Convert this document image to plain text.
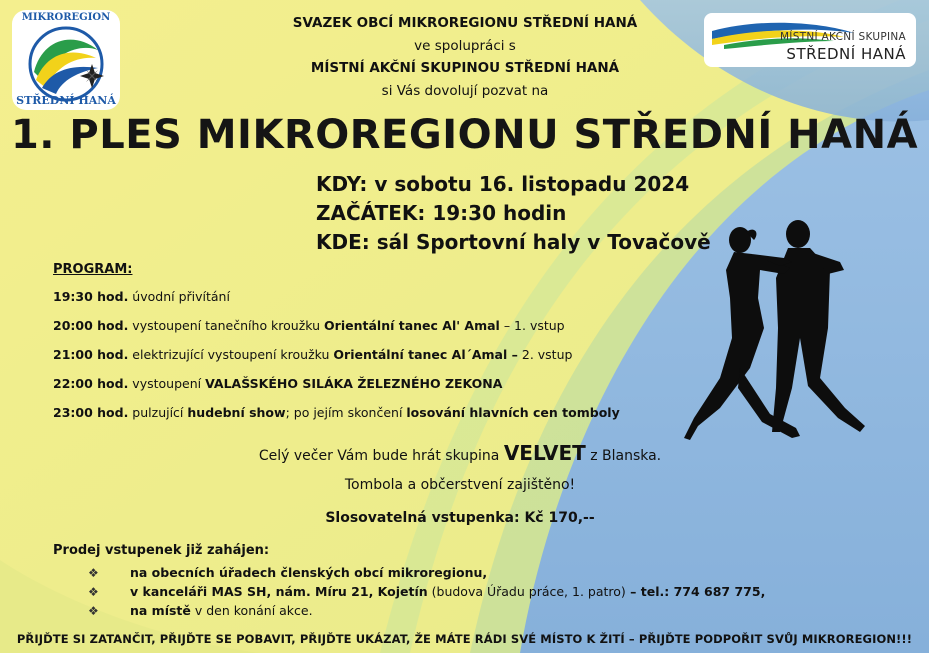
MIKROREGION
STŘEDNÍ HANÁ
MÍSTNÍ AKČNÍ SKUPINA
STŘEDNÍ HANÁ
SVAZEK OBCÍ MIKROREGIONU STŘEDNÍ HANÁ
ve spolupráci s
MÍSTNÍ AKČNÍ SKUPINOU STŘEDNÍ HANÁ
si Vás dovolují pozvat na
1. PLES MIKROREGIONU STŘEDNÍ HANÁ
KDY: v sobotu 16. listopadu 2024
ZAČÁTEK: 19:30 hodin
KDE: sál Sportovní haly v Tovačově
PROGRAM:
19:30 hod. úvodní přivítání
20:00 hod. vystoupení tanečního kroužku Orientální tanec Al' Amal – 1. vstup
21:00 hod. elektrizující vystoupení kroužku Orientální tanec Al´Amal – 2. vstup
22:00 hod. vystoupení VALAŠSKÉHO SILÁKA ŽELEZNÉHO ZEKONA
23:00 hod. pulzující hudební show; po jejím skončení losování hlavních cen tomboly
Celý večer Vám bude hrát skupina VELVET z Blanska.
Tombola a občerstvení zajištěno!
Slosovatelná vstupenka: Kč 170,--
Prodej vstupenek již zahájen:
❖ na obecních úřadech členských obcí mikroregionu,
❖ v kanceláři MAS SH, nám. Míru 21, Kojetín (budova Úřadu práce, 1. patro) – tel.: 774 687 775,
❖ na místě v den konání akce.
PŘIJĎTE SI ZATANČIT, PŘIJĎTE SE POBAVIT, PŘIJĎTE UKÁZAT, ŽE MÁTE RÁDI SVÉ MÍSTO K ŽITÍ – PŘIJĎTE PODPOŘIT SVŮJ MIKROREGION!!!
